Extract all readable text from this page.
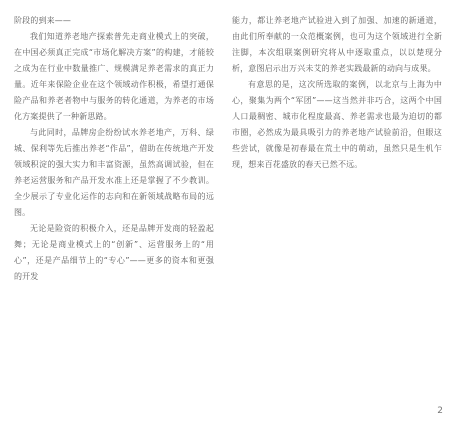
阶段的到来——

我们知道养老地产探索普先走商业模式上的突破，在中国必须真正完成“市场化解决方案”的构建，才能较之成为在行业中数量推广、规模满足养老需求的真正力量。近年来保险企业在这个领域动作积极，希望打通保险产品和养老者物中与服务的转化通道，为养老的市场化方案提供了一种新思路。

与此同时，品牌房企纷纷试水养老地产，万科、绿城、保利等先后推出养老“作品”，借助在传统地产开发领域积淀的强大实力和丰富资源，虽然高调试验，但在养老运营服务和产品开发水准上还是掌握了不少教训。全少展示了专业化运作的志向和在新领域战略布局的远图。

无论是险资的积极介入，还是品牌开发商的轻盈起舞；无论是商业模式上的“创新”、运营服务上的“用心”，还是产品细节上的“专心”——更多的资本和更强的开发

能力，都让养老地产试验进入到了加强、加速的新通道，由此们所奉献的一众范概案例，也可为这个领域进行全新注脚，本次组联案例研究将从中逐取重点，以以楚现分析，意图启示出万兴未艾的养老实践最新的动向与成果。

有意思的是，这次所选取的案例，以北京与上海为中心，聚集为两个“军团”——这当然并非巧合，这两个中国人口最稠密、城市化程度最高、养老需求也最为迫切的都市圈，必然成为最具吸引力的养老地产试验前沿，但眼这些尝试，就像是初春最在荒土中的萌动，虽然只是生机乍现，想来百花盛放的春天已然不远。

2
